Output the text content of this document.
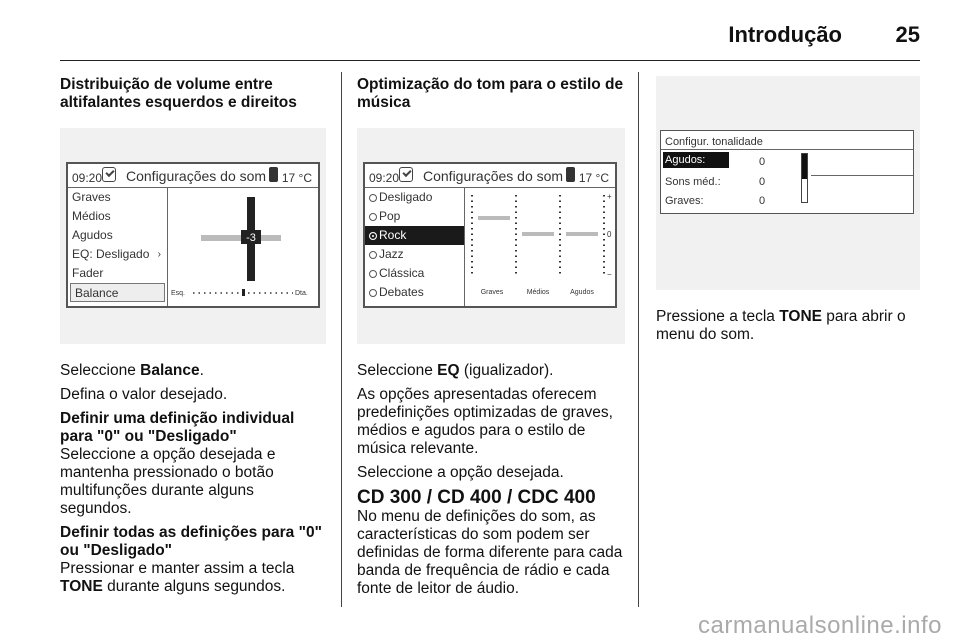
Introdução 25
Distribuição de volume entre altifalantes esquerdos e direitos
09:20 Configurações do som 17 °C
Graves
Médios
Agudos
EQ: Desligado ›
Fader
Balance
-3
Esq.	Dta.

Seleccione Balance.

Defina o valor desejado.

Definir uma definição individual para "0" ou "Desligado"

Seleccione a opção desejada e mantenha pressionado o botão multifunções durante alguns segundos.

Definir todas as definições para "0" ou "Desligado"

Pressionar e manter assim a tecla TONE durante alguns segundos.

Optimização do tom para o estilo de música
09:20 Configurações do som 17 °C
Desligado
Pop
Rock
Jazz
Clássica
Debates
+
0
−
Graves	Médios	Agudos

Seleccione EQ (igualizador).

As opções apresentadas oferecem predefinições optimizadas de graves, médios e agudos para o estilo de música relevante.

Seleccione a opção desejada.

CD 300 / CD 400 / CDC 400

No menu de definições do som, as características do som podem ser definidas de forma diferente para cada banda de frequência de rádio e cada fonte de leitor de áudio.

Configur. tonalidade
Agudos:	0
Sons méd.:	0
Graves:	0

Pressione a tecla TONE para abrir o menu do som.

carmanualsonline.info
